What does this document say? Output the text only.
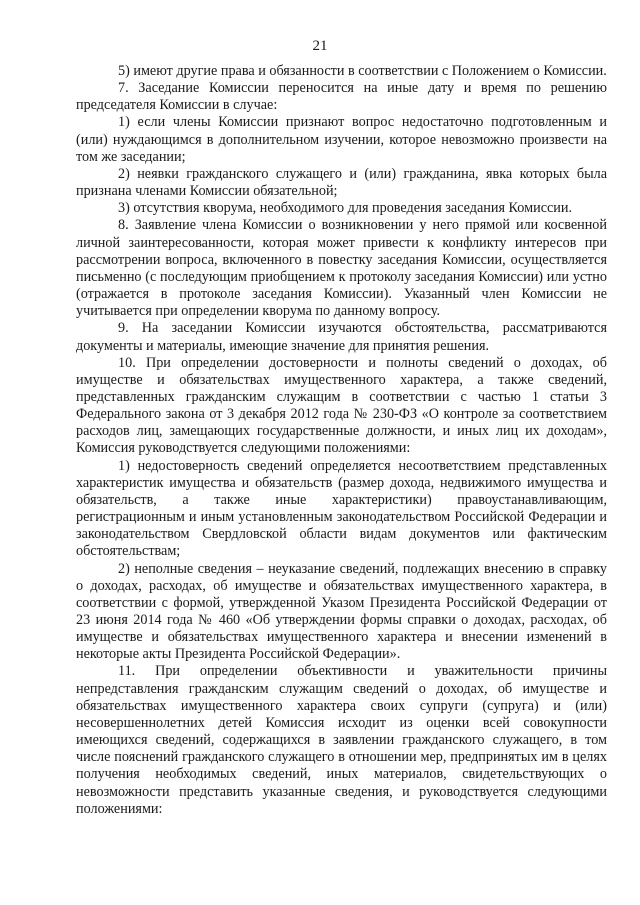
21

5) имеют другие права и обязанности в соответствии с Положением о Комиссии.

7. Заседание Комиссии переносится на иные дату и время по решению председателя Комиссии в случае:

1) если члены Комиссии признают вопрос недостаточно подготовленным и (или) нуждающимся в дополнительном изучении, которое невозможно произвести на том же заседании;

2) неявки гражданского служащего и (или) гражданина, явка которых была признана членами Комиссии обязательной;

3) отсутствия кворума, необходимого для проведения заседания Комиссии.

8. Заявление члена Комиссии о возникновении у него прямой или косвенной личной заинтересованности, которая может привести к конфликту интересов при рассмотрении вопроса, включенного в повестку заседания Комиссии, осуществляется письменно (с последующим приобщением к протоколу заседания Комиссии) или устно (отражается в протоколе заседания Комиссии). Указанный член Комиссии не учитывается при определении кворума по данному вопросу.

9. На заседании Комиссии изучаются обстоятельства, рассматриваются документы и материалы, имеющие значение для принятия решения.

10. При определении достоверности и полноты сведений о доходах, об имуществе и обязательствах имущественного характера, а также сведений, представленных гражданским служащим в соответствии с частью 1 статьи 3 Федерального закона от 3 декабря 2012 года № 230-ФЗ «О контроле за соответствием расходов лиц, замещающих государственные должности, и иных лиц их доходам», Комиссия руководствуется следующими положениями:

1) недостоверность сведений определяется несоответствием представленных характеристик имущества и обязательств (размер дохода, недвижимого имущества и обязательств, а также иные характеристики) правоустанавливающим, регистрационным и иным установленным законодательством Российской Федерации и законодательством Свердловской области видам документов или фактическим обстоятельствам;

2) неполные сведения – неуказание сведений, подлежащих внесению в справку о доходах, расходах, об имуществе и обязательствах имущественного характера, в соответствии с формой, утвержденной Указом Президента Российской Федерации от 23 июня 2014 года № 460 «Об утверждении формы справки о доходах, расходах, об имуществе и обязательствах имущественного характера и внесении изменений в некоторые акты Президента Российской Федерации».

11. При определении объективности и уважительности причины непредставления гражданским служащим сведений о доходах, об имуществе и обязательствах имущественного характера своих супруги (супруга) и (или) несовершеннолетних детей Комиссия исходит из оценки всей совокупности имеющихся сведений, содержащихся в заявлении гражданского служащего, в том числе пояснений гражданского служащего в отношении мер, предпринятых им в целях получения необходимых сведений, иных материалов, свидетельствующих о невозможности представить указанные сведения, и руководствуется следующими положениями:
